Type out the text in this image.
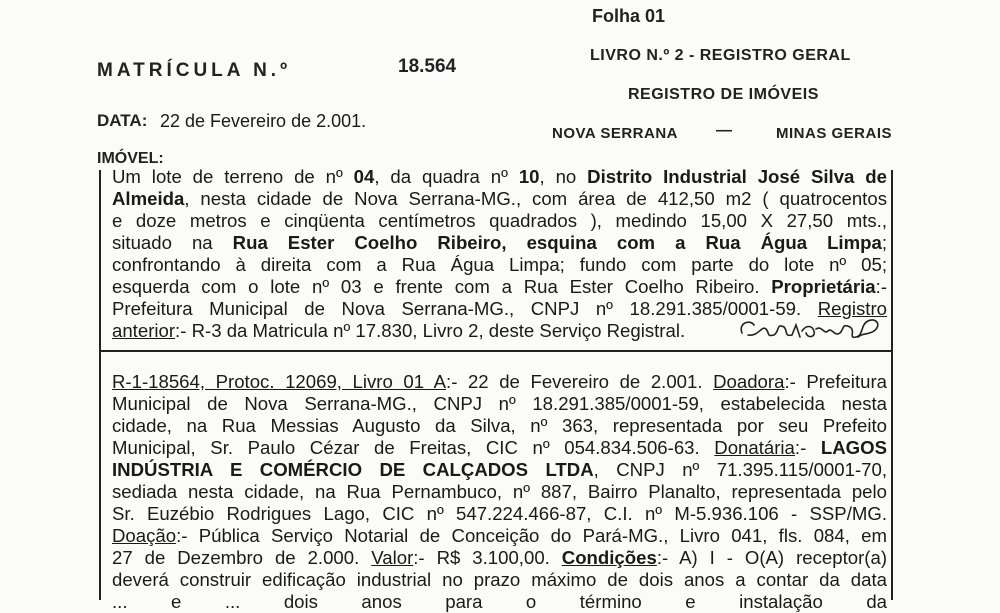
Folha 01
MATRÍCULA N.º	18.564
LIVRO N.º 2 - REGISTRO GERAL
REGISTRO DE IMÓVEIS
DATA: 22 de Fevereiro de 2.001.
NOVA SERRANA —	MINAS GERAIS
IMÓVEL:
Um lote de terreno de nº 04, da quadra nº 10, no Distrito Industrial José Silva de
Almeida, nesta cidade de Nova Serrana-MG., com área de 412,50 m2 ( quatrocentos
e doze metros e cinqüenta centímetros quadrados ), medindo 15,00 X 27,50 mts.,
situado na Rua Ester Coelho Ribeiro, esquina com a Rua Água Limpa;
confrontando à direita com a Rua Água Limpa; fundo com parte do lote nº 05;
esquerda com o lote nº 03 e frente com a Rua Ester Coelho Ribeiro. Proprietária:-
Prefeitura Municipal de Nova Serrana-MG., CNPJ nº 18.291.385/0001-59. Registro
anterior:- R-3 da Matricula nº 17.830, Livro 2, deste Serviço Registral.
R-1-18564, Protoc. 12069, Livro 01 A:- 22 de Fevereiro de 2.001. Doadora:- Prefeitura
Municipal de Nova Serrana-MG., CNPJ nº 18.291.385/0001-59, estabelecida nesta
cidade, na Rua Messias Augusto da Silva, nº 363, representada por seu Prefeito
Municipal, Sr. Paulo Cézar de Freitas, CIC nº 054.834.506-63. Donatária:- LAGOS
INDÚSTRIA E COMÉRCIO DE CALÇADOS LTDA, CNPJ nº 71.395.115/0001-70,
sediada nesta cidade, na Rua Pernambuco, nº 887, Bairro Planalto, representada pelo
Sr. Euzébio Rodrigues Lago, CIC nº 547.224.466-87, C.I. nº M-5.936.106 - SSP/MG.
Doação:- Pública Serviço Notarial de Conceição do Pará-MG., Livro 041, fls. 084, em
27 de Dezembro de 2.000. Valor:- R$ 3.100,00. Condições:- A) I - O(A) receptor(a)
deverá construir edificação industrial no prazo máximo de dois anos a contar da data
... e ... dois anos para o término e instalação da
